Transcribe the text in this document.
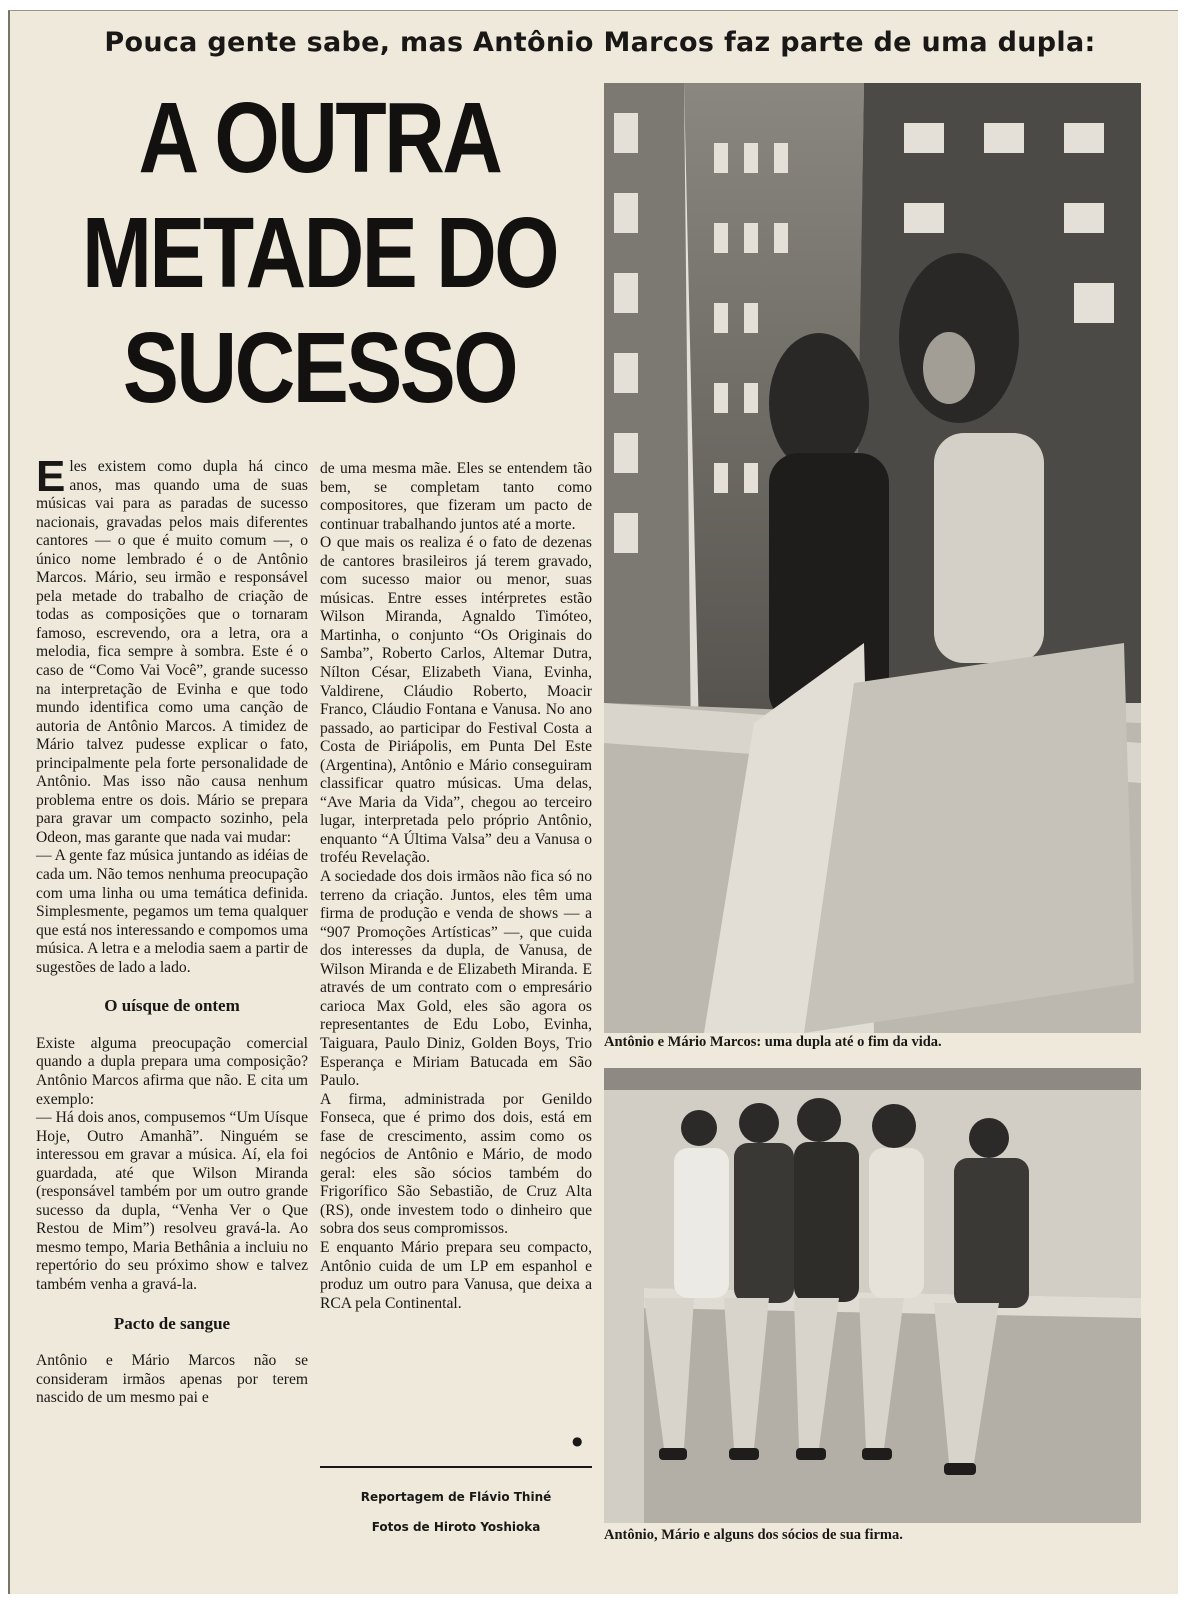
Pouca gente sabe, mas Antônio Marcos faz parte de uma dupla:
A OUTRA
METADE DO
SUCESSO

Eles existem como dupla há cinco anos, mas quando uma de suas músicas vai para as paradas de sucesso nacionais, gravadas pelos mais diferentes cantores — o que é muito comum —, o único nome lembrado é o de Antônio Marcos. Mário, seu irmão e responsável pela metade do trabalho de criação de todas as composições que o tornaram famoso, escrevendo, ora a letra, ora a melodia, fica sempre à sombra. Este é o caso de “Como Vai Você”, grande sucesso na interpretação de Evinha e que todo mundo identifica como uma canção de autoria de Antônio Marcos. A timidez de Mário talvez pudesse explicar o fato, principalmente pela forte personalidade de Antônio. Mas isso não causa nenhum problema entre os dois. Mário se prepara para gravar um compacto sozinho, pela Odeon, mas garante que nada vai mudar:

— A gente faz música juntando as idéias de cada um. Não temos nenhuma preocupação com uma linha ou uma temática definida. Simplesmente, pegamos um tema qualquer que está nos interessando e compomos uma música. A letra e a melodia saem a partir de sugestões de lado a lado.

O uísque de ontem

Existe alguma preocupação comercial quando a dupla prepara uma composição? Antônio Marcos afirma que não. E cita um exemplo:

— Há dois anos, compusemos “Um Uísque Hoje, Outro Amanhã”. Ninguém se interessou em gravar a música. Aí, ela foi guardada, até que Wilson Miranda (responsável também por um outro grande sucesso da dupla, “Venha Ver o Que Restou de Mim”) resolveu gravá-la. Ao mesmo tempo, Maria Bethânia a incluiu no repertório do seu próximo show e talvez também venha a gravá-la.

Pacto de sangue

Antônio e Mário Marcos não se consideram irmãos apenas por terem nascido de um mesmo pai e

de uma mesma mãe. Eles se entendem tão bem, se completam tanto como compositores, que fizeram um pacto de continuar trabalhando juntos até a morte.

O que mais os realiza é o fato de dezenas de cantores brasileiros já terem gravado, com sucesso maior ou menor, suas músicas. Entre esses intérpretes estão Wilson Miranda, Agnaldo Timóteo, Martinha, o conjunto “Os Originais do Samba”, Roberto Carlos, Altemar Dutra, Nílton César, Elizabeth Viana, Evinha, Valdirene, Cláudio Roberto, Moacir Franco, Cláudio Fontana e Vanusa. No ano passado, ao participar do Festival Costa a Costa de Piriápolis, em Punta Del Este (Argentina), Antônio e Mário conseguiram classificar quatro músicas. Uma delas, “Ave Maria da Vida”, chegou ao terceiro lugar, interpretada pelo próprio Antônio, enquanto “A Última Valsa” deu a Vanusa o troféu Revelação.

A sociedade dos dois irmãos não fica só no terreno da criação. Juntos, eles têm uma firma de produção e venda de shows — a “907 Promoções Artísticas” —, que cuida dos interesses da dupla, de Vanusa, de Wilson Miranda e de Elizabeth Miranda. E através de um contrato com o empresário carioca Max Gold, eles são agora os representantes de Edu Lobo, Evinha, Taiguara, Paulo Diniz, Golden Boys, Trio Esperança e Miriam Batucada em São Paulo.

A firma, administrada por Genildo Fonseca, que é primo dos dois, está em fase de crescimento, assim como os negócios de Antônio e Mário, de modo geral: eles são sócios também do Frigorífico São Sebastião, de Cruz Alta (RS), onde investem todo o dinheiro que sobra dos seus compromissos.

E enquanto Mário prepara seu compacto, Antônio cuida de um LP em espanhol e produz um outro para Vanusa, que deixa a RCA pela Continental.

●
Reportagem de Flávio Thiné
Fotos de Hiroto Yoshioka
Antônio e Mário Marcos: uma dupla até o fim da vida.
Antônio, Mário e alguns dos sócios de sua firma.
